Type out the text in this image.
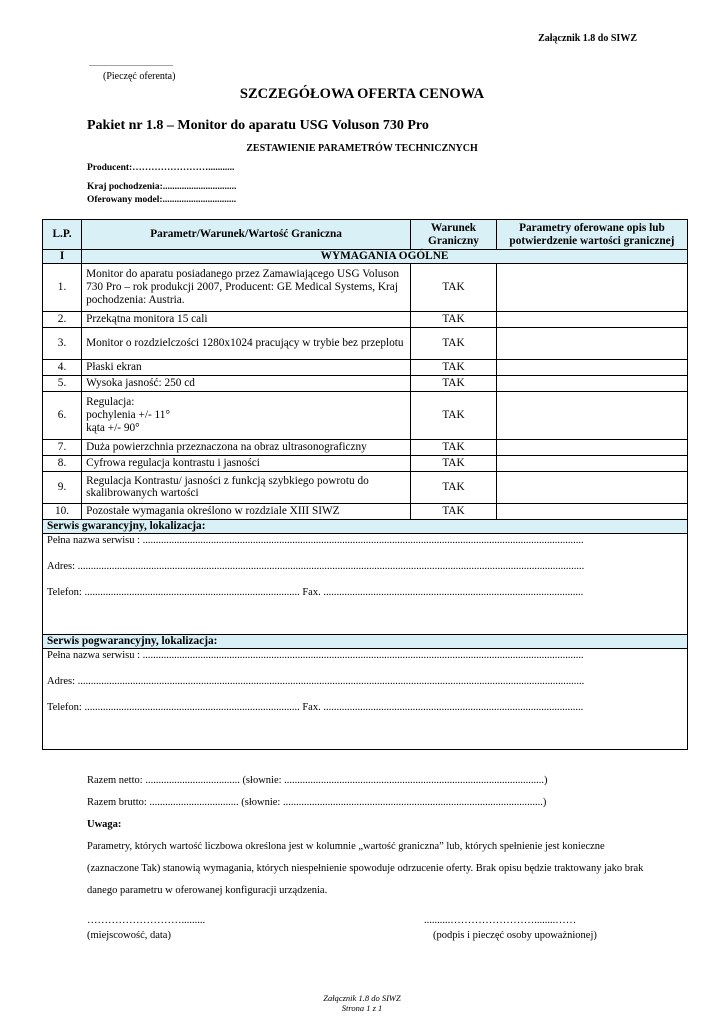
Załącznik 1.8 do SIWZ
..........................................
(Pieczęć oferenta)
SZCZEGÓŁOWA OFERTA CENOWA
Pakiet nr 1.8 – Monitor do aparatu USG Voluson 730 Pro
ZESTAWIENIE PARAMETRÓW TECHNICZNYCH
Producent:……………………...........
Kraj pochodzenia:...............................
Oferowany model:...............................
L.P.	Parametr/Warunek/Wartość Graniczna	Warunek Graniczny	Parametry oferowane opis lub potwierdzenie wartości granicznej
I	WYMAGANIA OGÓLNE		
1.	Monitor do aparatu posiadanego przez Zamawiającego USG Voluson 730 Pro – rok produkcji 2007, Producent: GE Medical Systems, Kraj pochodzenia: Austria.	TAK	
2.	Przekątna monitora 15 cali	TAK	
3.	Monitor o rozdzielczości 1280x1024 pracujący w trybie bez przeplotu	TAK	
4.	Płaski ekran	TAK	
5.	Wysoka jasność: 250 cd	TAK	
6.	Regulacja:
pochylenia +/- 11°
kąta +/- 90°	TAK	
7.	Duża powierzchnia przeznaczona na obraz ultrasonograficzny	TAK	
8.	Cyfrowa regulacja kontrastu i jasności	TAK	
9.	Regulacja Kontrastu/ jasności z funkcją szybkiego powrotu do skalibrowanych wartości	TAK	
10.	Pozostałe wymagania określono w rozdziale XIII SIWZ	TAK	
Serwis gwarancyjny, lokalizacja:			

Pełna nazwa serwisu : ........................................................................................................................................................................
Adres: .................................................................................................................................................................................................
Telefon: .................................................................................. Fax. ...................................................................................................			

Serwis pogwarancyjny, lokalizacja:			

Pełna nazwa serwisu : ........................................................................................................................................................................
Adres: .................................................................................................................................................................................................
Telefon: .................................................................................. Fax. ...................................................................................................			
Razem netto: .................................... (słownie: ...................................................................................................)
Razem brutto: .................................. (słownie: ...................................................................................................)
Uwaga:
Parametry, których wartość liczbowa określona jest w kolumnie „wartość graniczna” lub, których spełnienie jest konieczne (zaznaczone Tak) stanowią wymagania, których niespełnienie spowoduje odrzucenie oferty. Brak opisu będzie traktowany jako brak danego parametru w oferowanej konfiguracji urządzenia.
……………………….........
(miejscowość, data)
..........……………………........……
(podpis i pieczęć osoby upoważnionej)
Załącznik 1.8 do SIWZ
Strona 1 z 1
